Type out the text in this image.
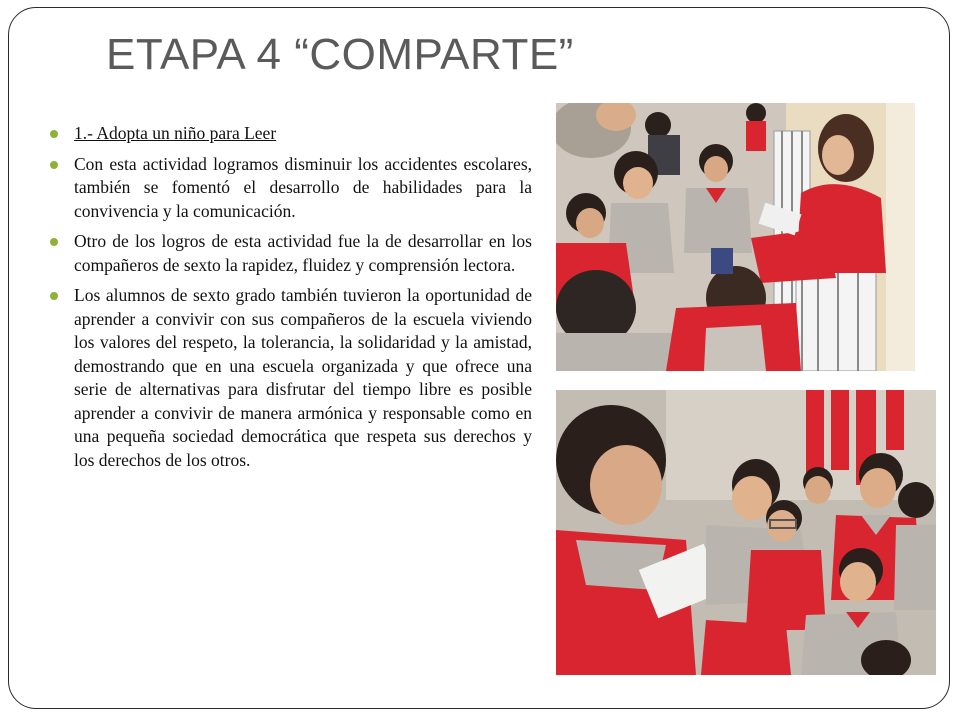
ETAPA 4 “COMPARTE”
1.- Adopta un niño para Leer
Con esta actividad logramos disminuir los accidentes escolares, también se fomentó el desarrollo de habilidades para la convivencia y la comunicación.
Otro de los logros de esta actividad fue la de desarrollar en los compañeros de sexto la rapidez, fluidez y comprensión lectora.
Los alumnos de sexto grado también tuvieron la oportunidad de aprender a convivir con sus compañeros de la escuela viviendo los valores del respeto, la tolerancia, la solidaridad y la amistad, demostrando que en una escuela organizada y que ofrece una serie de alternativas para disfrutar del tiempo libre es posible aprender a convivir de manera armónica y responsable como en una pequeña sociedad democrática que respeta sus derechos y los derechos de los otros.
